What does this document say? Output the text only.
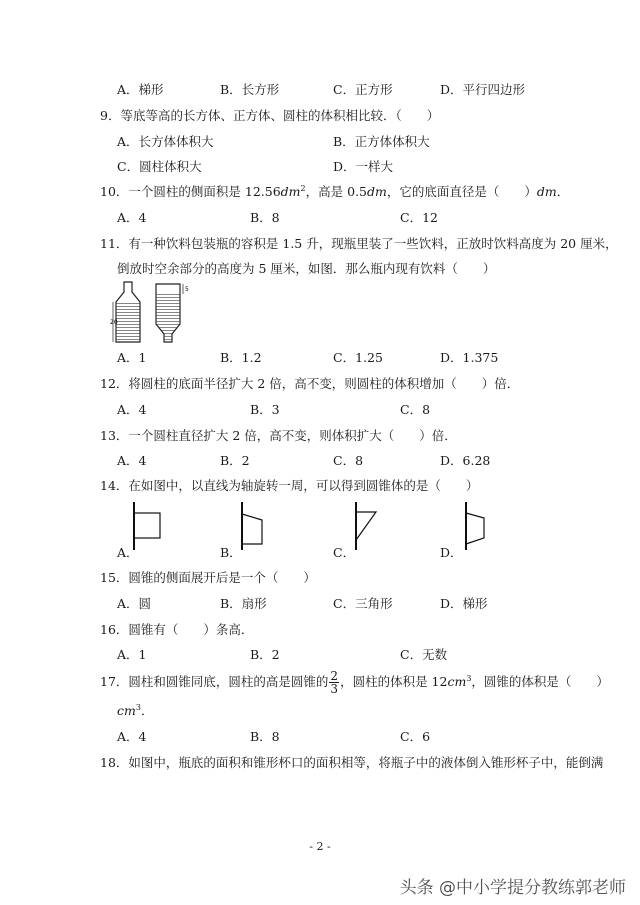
A．梯形	B．长方形	C．正方形	D．平行四边形
9．等底等高的长方体、正方体、圆柱的体积相比较．（　　）
A．长方体体积大	B．正方体体积大
C．圆柱体积大	D．一样大
10．一个圆柱的侧面积是 $12.56dm^2$，高是 0.5dm，它的底面直径是（　　）dm．
A．4	B．8	C．12
11．有一种饮料包装瓶的容积是 1.5 升，现瓶里装了一些饮料，正放时饮料高度为 20 厘米，
倒放时空余部分的高度为 5 厘米，如图．那么瓶内现有饮料（　　）
20
5
A．1	B．1.2	C．1.25	D．1.375
12．将圆柱的底面半径扩大 2 倍，高不变，则圆柱的体积增加（　　）倍．
A．4	B．3	C．8
13．一个圆柱直径扩大 2 倍，高不变，则体积扩大（　　）倍．
A．4	B．2	C．8	D．6.28
14．在如图中，以直线为轴旋转一周，可以得到圆锥体的是（　　）
A．	B．	C．	D．
15．圆锥的侧面展开后是一个（　　）
A．圆	B．扇形	C．三角形	D．梯形
16．圆锥有（　　）条高．
A．1	B．2	C．无数
17．圆柱和圆锥同底，圆柱的高是圆锥的 $\frac{2}{3}$ ，圆柱的体积是 $12cm^3$，圆锥的体积是（　　）
$cm^3$．
A．4	B．8	C．6
18．如图中，瓶底的面积和锥形杯口的面积相等，将瓶子中的液体倒入锥形杯子中，能倒满
- 2 -
头条 @中小学提分教练郭老师
